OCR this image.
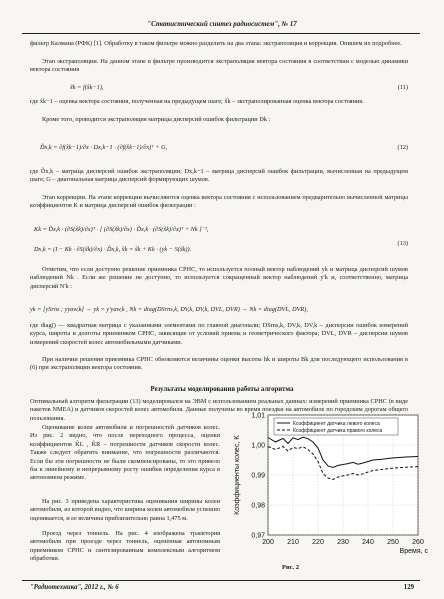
"Статистический синтез радиосистем", № 17
фильтр Калмана (РФК) [1]. Обработку в таком фильтре можно разделить на два этапа: экстраполяция и коррекция. Опишем их подробнее.
Этап экстраполяции. На данном этапе в фильтре производится экстраполяция вектора состояния в соответствии с моделью динамики вектора состояния
x̃k = f(x̂k−1),	(11)
где x̂k−1 – оценка вектора состояния, полученная на предыдущем шаге; x̃k – экстраполированная оценка вектора состояния.
Кроме того, проводится экстраполяция матрицы дисперсий ошибок фильтрации Dk :
D̃x,k = ∂f(x̂k−1)/∂x · Dx,k−1 · (∂f(x̂k−1)/∂x)ᵀ + G,	(12)
где D̃x,k – матрица дисперсий ошибок экстраполяции; Dx,k−1 – матрица дисперсий ошибок фильтрации, вычисленная на предыдущем шаге; G – диагональная матрица дисперсий формирующих шумов.
Этап коррекции. На этапе коррекции вычисляются оценка вектора состояния с использованием предварительно вычисленной матрицы коэффициентов K и матрица дисперсий ошибок фильтрации :
Kk = D̃x,k · (∂S(x̃k)/∂x)ᵀ · [ (∂S(x̃k)/∂x) · D̃x,k · (∂S(x̃k)/∂x)ᵀ + Nk ]⁻¹,
Dx,k = (I − Kk · ∂S(x̃k)/∂x) · D̃x,k, x̂k = x̃k + Kk · (yk − S(x̃k)).
(13)
Отметим, что если доступно решение приемника СРНС, то используется полный вектор наблюдений yk и матрица дисперсий шумов наблюдений Nk . Если же решение не доступно, то используется сокращенный вектор наблюдений y'k и, соответственно, матрица дисперсий N'k :
yk = [ySrns ; yyaw,k] → yk = y'yaw,k , Nk = diag(DSrns,k, DV,k, DV,k, DVL, DVR) → Nk = diag(DVL, DVR),
где diag() — квадратная матрица с указанными элементами по главной диагонали; DSrns,k, DV,k, DV,k – дисперсии ошибок измерений курса, широты и долготы приемником СРНС, зависящие от условий приема и геометрического фактора; DVL, DVR – дисперсии шумов измерений скоростей колес автомобильными датчиками.
При наличии решения приемника СРНС обновляются величины оценки высоты hk и широты Bk для последующего использования в (6) при экстраполяции вектора состояния.
Результаты моделирования работы алгоритма
Оптимальный алгоритм фильтрации (13) моделировался на ЭВМ с использованием реальных данных: измерений приемника СРНС (в виде пакетов NMEA) и датчиков скоростей колес автомобиля. Данные получены во время поездки на автомобиле по городским дорогам общего пользования.
Оценивание колеи автомобиля и погрешностей датчиков колес. Из рис. 2 видно, что после переходного процесса, оценки коэффициентов K̂L , K̂R – погрешности датчиков скорости колес. Также следует обратить внимание, что погрешности различаются. Если бы эти погрешности не были скомпенсированы, то это привело бы к линейному и непрерывному росту ошибки определения курса в автономном режиме.
На рис. 3 приведена характеристика оценивания ширины колеи автомобиля, из которой видно, что ширина колеи автомобиля успешно оценивается, и ее величина приблизительно равна 1,475 м.
Проезд через тоннель. На рис. 4 изображена траектория автомобиля при проезде через тоннель, оцененная автономным приемником СРНС и синтезированным комплексным алгоритмом обработки.
200 210 220 230 240 250 260
0,97
0,98
0,99
1,00
1,01
Коэффициент датчика левого колеса
Коэффициент датчика правого колеса
Коэффициенты колес, K
Время, с
Рис. 2
"Радиотехника", 2012 г., № 6	129
